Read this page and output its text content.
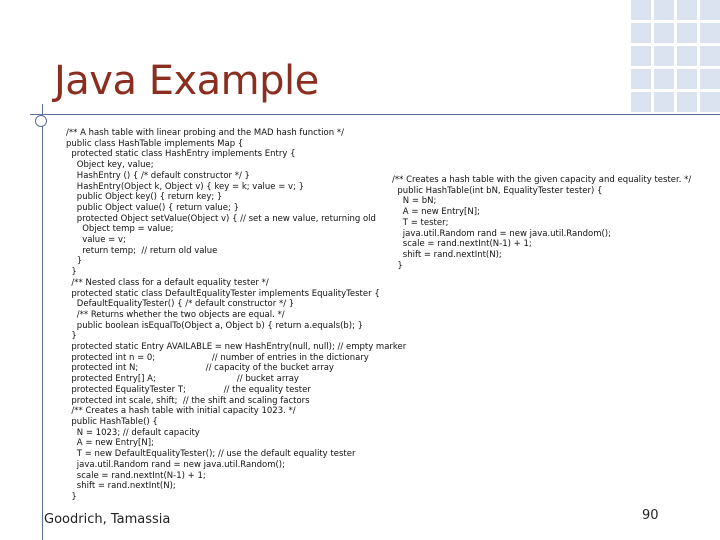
Java Example
/** A hash table with linear probing and the MAD hash function */
public class HashTable implements Map {
protected static class HashEntry implements Entry {
Object key, value;
HashEntry () { /* default constructor */ }
HashEntry(Object k, Object v) { key = k; value = v; }
public Object key() { return key; }
public Object value() { return value; }
protected Object setValue(Object v) { // set a new value, returning old
Object temp = value;
value = v;
return temp;  // return old value
}
}
/** Nested class for a default equality tester */
protected static class DefaultEqualityTester implements EqualityTester {
DefaultEqualityTester() { /* default constructor */ }
/** Returns whether the two objects are equal. */
public boolean isEqualTo(Object a, Object b) { return a.equals(b); }
}
protected static Entry AVAILABLE = new HashEntry(null, null); // empty marker
protected int n = 0;                     // number of entries in the dictionary
protected int N;                         // capacity of the bucket array
protected Entry[] A;                              // bucket array
protected EqualityTester T;              // the equality tester
protected int scale, shift;  // the shift and scaling factors
/** Creates a hash table with initial capacity 1023. */
public HashTable() {
N = 1023; // default capacity
A = new Entry[N];
T = new DefaultEqualityTester(); // use the default equality tester
java.util.Random rand = new java.util.Random();
scale = rand.nextInt(N-1) + 1;
shift = rand.nextInt(N);
}
/** Creates a hash table with the given capacity and equality tester. */
public HashTable(int bN, EqualityTester tester) {
N = bN;
A = new Entry[N];
T = tester;
java.util.Random rand = new java.util.Random();
scale = rand.nextInt(N-1) + 1;
shift = rand.nextInt(N);
}
Goodrich, Tamassia	90
